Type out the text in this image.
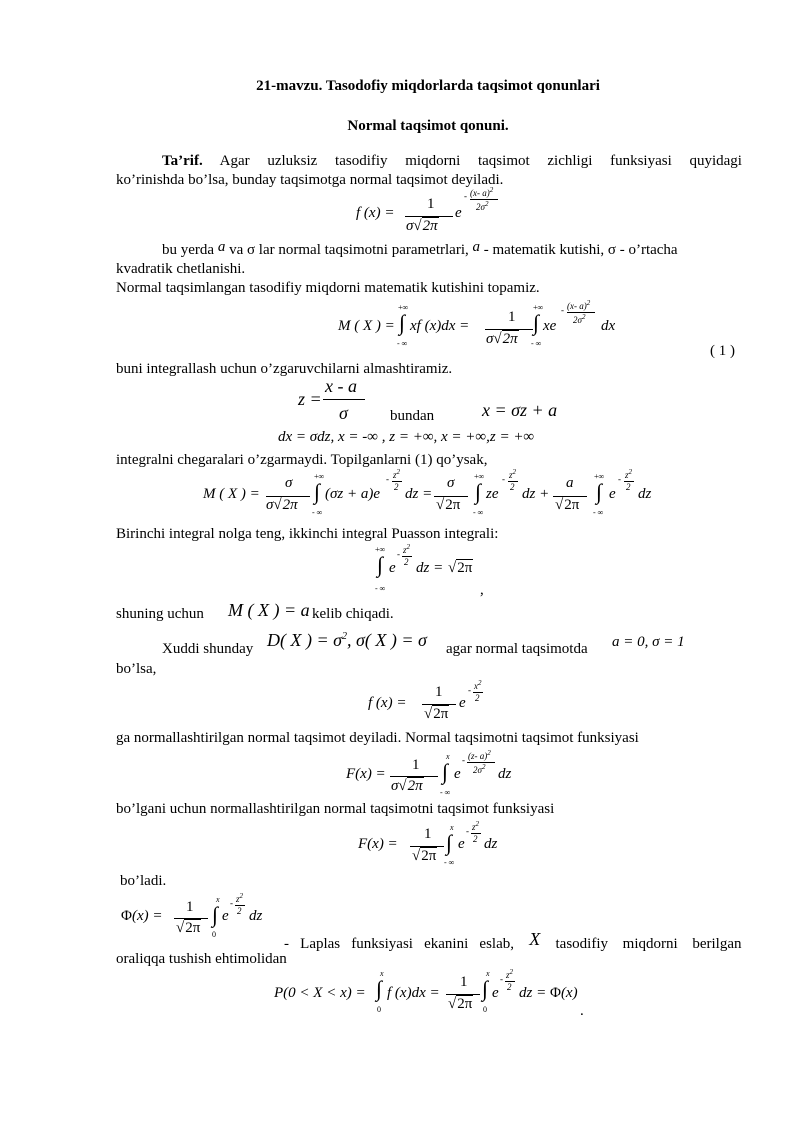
21-mavzu. Tasodofiy miqdorlarda taqsimot qonunlari
Normal taqsimot qonuni.
Ta’rif. Agar uzluksiz tasodifiy miqdorni taqsimot zichligi funksiyasi quyidagi
ko’rinishda bo’lsa, bunday taqsimotga normal taqsimot deyiladi.
f (x) =
1
σ√2π
e
- (x- a)$^2$
$2\sigma^2$
bu yerda a va σ lar normal taqsimotni parametrlari, a - matematik kutishi, σ - o’rtacha
kvadratik chetlanishi.
Normal taqsimlangan tasodifiy miqdorni matematik kutishini topamiz.
M ( X ) =
+∞
∫
- ∞
xf (x)dx =
1
σ√2π
+∞
∫
- ∞
xe
- (x- a)$^2$
$2\sigma^2$
dx
( 1 )
buni integrallash uchun o’zgaruvchilarni almashtiramiz.
z =
x - a
σ	bundan	x = σz + a
dx = σdz, x = -∞ , z = +∞, x = +∞,z = +∞
integralni chegaralari o’zgarmaydi. Topilganlarni (1) qo’ysak,
M ( X ) =
σ
σ√2π
+∞
∫
- ∞
(σz + a)e
- $z^2$
2 dz =
σ
√2π
+∞
∫
- ∞
ze
- $z^2$
2 dz +
a
√2π
+∞
∫
- ∞
e
- $z^2$
2 dz
Birinchi integral nolga teng, ikkinchi integral Puasson integrali:
+∞
∫
- ∞
e
- $z^2$
2 dz = √2π
,
shuning uchun M ( X ) = a kelib chiqadi.
Xuddi shunday D( X ) = $\sigma^2$, σ( X ) = σ agar normal taqsimotda a = 0, σ = 1
bo’lsa,
f (x) =
1
√2π
e
- $x^2$
2
ga normallashtirilgan normal taqsimot deyiladi. Normal taqsimotni taqsimot funksiyasi
F(x) =
1
σ√2π
x
∫
- ∞
e
- (z- a)$^2$
$2\sigma^2$ dz
bo’lgani uchun normallashtirilgan normal taqsimotni taqsimot funksiyasi
F(x) =
1
√2π
x
∫
- ∞
e
- $z^2$
2 dz
bo’ladi.
Φ(x) =
1
√2π
x
∫
0
e
- $z^2$
2 dz
- Laplas funksiyasi ekanini eslab, X tasodifiy miqdorni berilgan
oraliqqa tushish ehtimolidan
P(0 < X < x) =
x
∫
0
f (x)dx =
1
√2π
x
∫
0
e
- $z^2$
2 dz = Φ(x)
.
